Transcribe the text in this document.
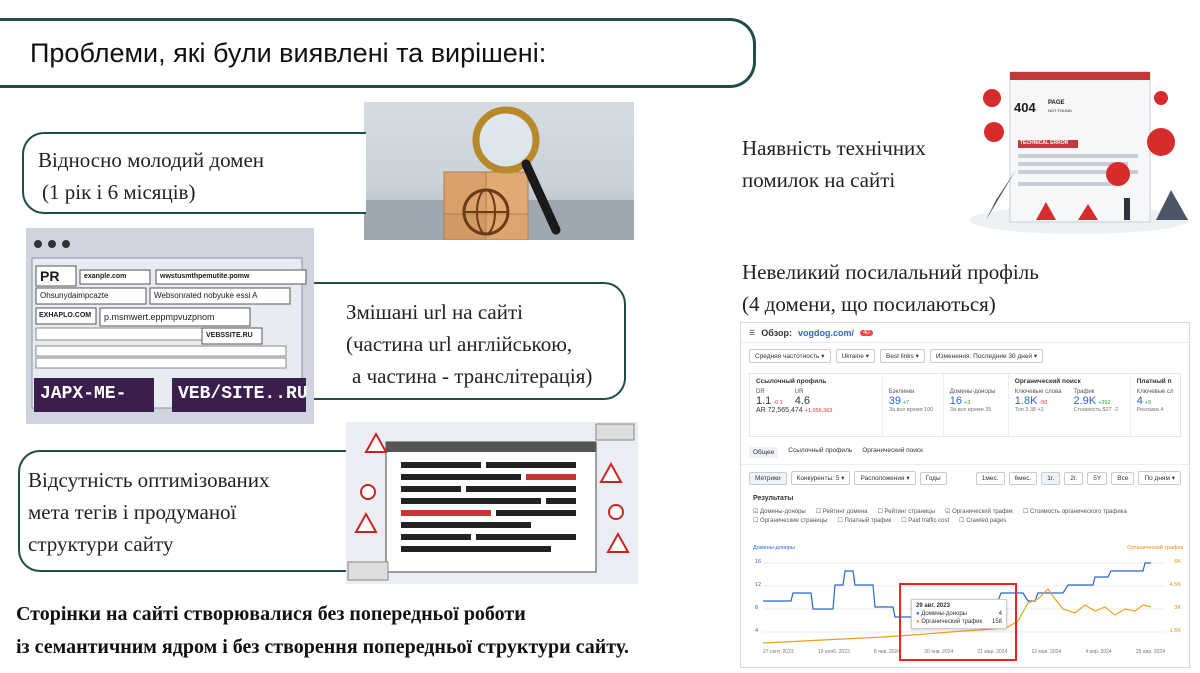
Проблеми, які були виявлені та вирішені:
Відносно молодий домен
(1 рік і 6 місяців)
PR	exanple.com	wwstusmthpemutite.pomw
Ohsunydaimpcazte	Websonrated nobyuke essi A
EXHAPLO.COM p.msmwert.eppmpvuzpnom
VEBSSITE.RU
JAPX-ME-	VEB/SITE..RU
Змішані url на сайті
(частина url англійською,
а частина - транслітерація)
Відсутність оптимізованих
мета тегів і продуманої
структури сайту
Наявність технічних
помилок на сайті
404 PAGE
NOT FOUND
TECHNICAL ERROR
Невеликий посилальний профіль
(4 домени, що посилаються)
☰ Обзор: vogdog.com/	40
Средняя частотность ▾	Ukraine ▾	Best links ▾	Изменения: Последние 30 дней ▾
Ссылочный профиль
DR
1.1 -0.1
UR
4.6
AR 72,565,474 +1,056,363

Бэклинки
39 +7
За все время 100

Домены-доноры
16 +3
За все время 35
Органический поиск
Ключевые слова
1.8K -50
Топ 3 38 +2
Трафик
2.9K +392
Стоимость $27 -2
Платный п
Ключевые сл
4 +3
Реклама 4
Общее	Ссылочный профиль Органический поиск
Метрики	Конкуренты: 5 ▾	Расположения ▾	Годы	1мес.	6мес.	1г.	2г.	5Y	Все	По дням ▾
Результаты
☑ Домены-доноры	☐ Рейтинг домена	☐ Рейтинг страницы	☑ Органический трафик	☐ Стоимость органического трафика
☐ Органические страницы	☐ Платный трафик	☐ Paid traffic cost	☐ Crawled pages
Домены-доноры	Органический трафик
16
12
8
4
6K
4.5K
3K
1.5K
27 сент. 2023	19 нояб. 2023	8 янв. 2024	30 янв. 2024	21 мар. 2024	12 мая. 2024	4 апр. 2024	25 апр. 2024
29 авг. 2023
● Домены-доноры	4
● Органический трафик 158
Сторінки на сайті створювалися без попередньої роботи
із семантичним ядром і без створення попередньої структури сайту.
